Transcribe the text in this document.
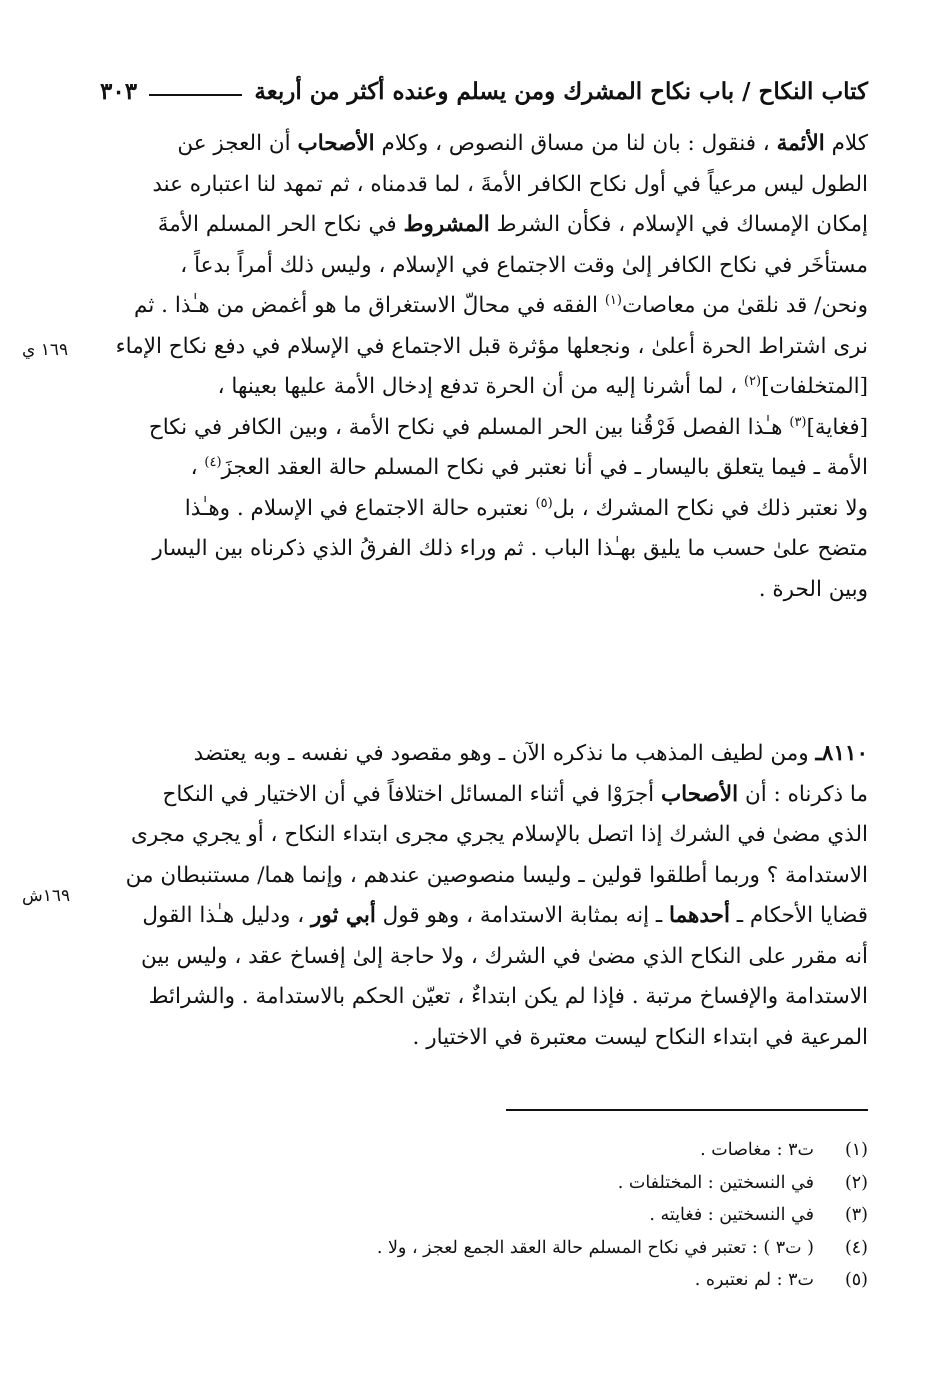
كتاب النكاح / باب نكاح المشرك ومن يسلم وعنده أكثر من أربعة
٣٠٣
١٦٩ ي
١٦٩ش
كلام الأئمة ، فنقول : بان لنا من مساق النصوص ، وكلام الأصحاب أن العجز عن
الطول ليس مرعياً في أول نكاح الكافر الأمةَ ، لما قدمناه ، ثم تمهد لنا اعتباره عند
إمكان الإمساك في الإسلام ، فكأن الشرط المشروط في نكاح الحر المسلم الأمةَ
مستأخَر في نكاح الكافر إلىٰ وقت الاجتماع في الإسلام ، وليس ذلك أمراً بدعاً ،
ونحن/ قد نلقىٰ من معاصات$^{(١)}$ الفقه في محالّ الاستغراق ما هو أغمض من هـٰذا . ثم
نرى اشتراط الحرة أعلىٰ ، ونجعلها مؤثرة قبل الاجتماع في الإسلام في دفع نكاح الإماء
[المتخلفات]$^{(٢)}$ ، لما أشرنا إليه من أن الحرة تدفع إدخال الأمة عليها بعينها ،
[فغاية]$^{(٣)}$ هـٰذا الفصل فَرْقُنا بين الحر المسلم في نكاح الأمة ، وبين الكافر في نكاح
الأمة ـ فيما يتعلق باليسار ـ في أنا نعتبر في نكاح المسلم حالة العقد العجزَ$^{(٤)}$ ،
ولا نعتبر ذلك في نكاح المشرك ، بل$^{(٥)}$ نعتبره حالة الاجتماع في الإسلام . وهـٰذا
متضح علىٰ حسب ما يليق بهـٰذا الباب . ثم وراء ذلك الفرقُ الذي ذكرناه بين اليسار
وبين الحرة .
٨١١٠ـ ومن لطيف المذهب ما نذكره الآن ـ وهو مقصود في نفسه ـ وبه يعتضد
ما ذكرناه : أن الأصحاب أجرَوْا في أثناء المسائل اختلافاً في أن الاختيار في النكاح
الذي مضىٰ في الشرك إذا اتصل بالإسلام يجري مجرى ابتداء النكاح ، أو يجري مجرى
الاستدامة ؟ وربما أطلقوا قولين ـ وليسا منصوصين عندهم ، وإنما هما/ مستنبطان من
قضايا الأحكام ـ أحدهما ـ إنه بمثابة الاستدامة ، وهو قول أبي ثور ، ودليل هـٰذا القول
أنه مقرر على النكاح الذي مضىٰ في الشرك ، ولا حاجة إلىٰ إفساخ عقد ، وليس بين
الاستدامة والإفساخ مرتبة . فإذا لم يكن ابتداءٌ ، تعيّن الحكم بالاستدامة . والشرائط
المرعية في ابتداء النكاح ليست معتبرة في الاختيار .
(١)
ت٣ : مغاصات .
(٢)
في النسختين : المختلفات .
(٣)
في النسختين : فغايته .
(٤)
( ت٣ ) : تعتبر في نكاح المسلم حالة العقد الجمع لعجز ، ولا .
(٥)
ت٣ : لم نعتبره .
